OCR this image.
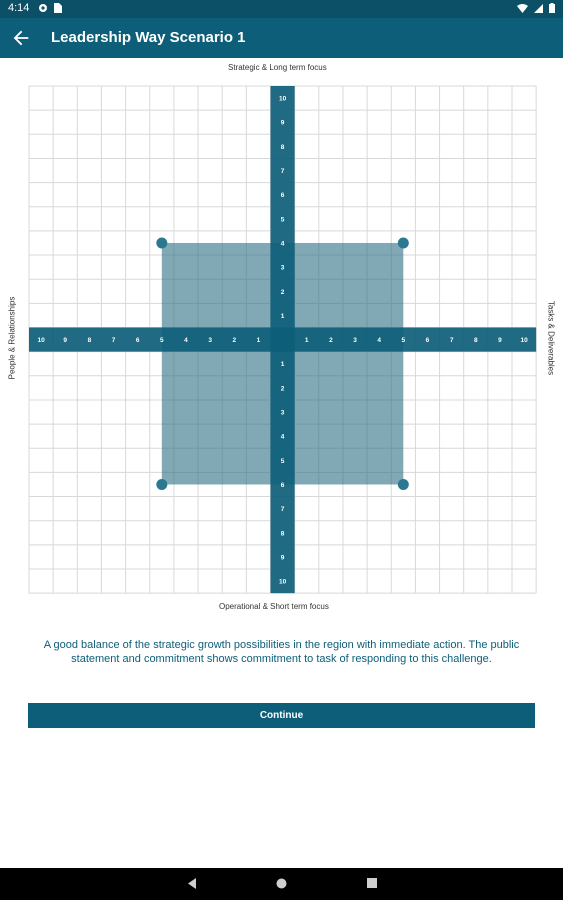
4:14
Leadership Way Scenario 1
Strategic & Long term focus
Operational & Short term focus
People & Relationships	Tasks & Deliverables
10
10
9
9
8
8
7
7
6
6
5
5
4
4
3
3
2
2
1
1
1
1
2
2
3
3
4
4
5
5
6
6
7
7
8
8
9
9
10
10
A good balance of the strategic growth possibilities in the region with immediate action. The public statement and commitment shows commitment to task of responding to this challenge.
Continue
